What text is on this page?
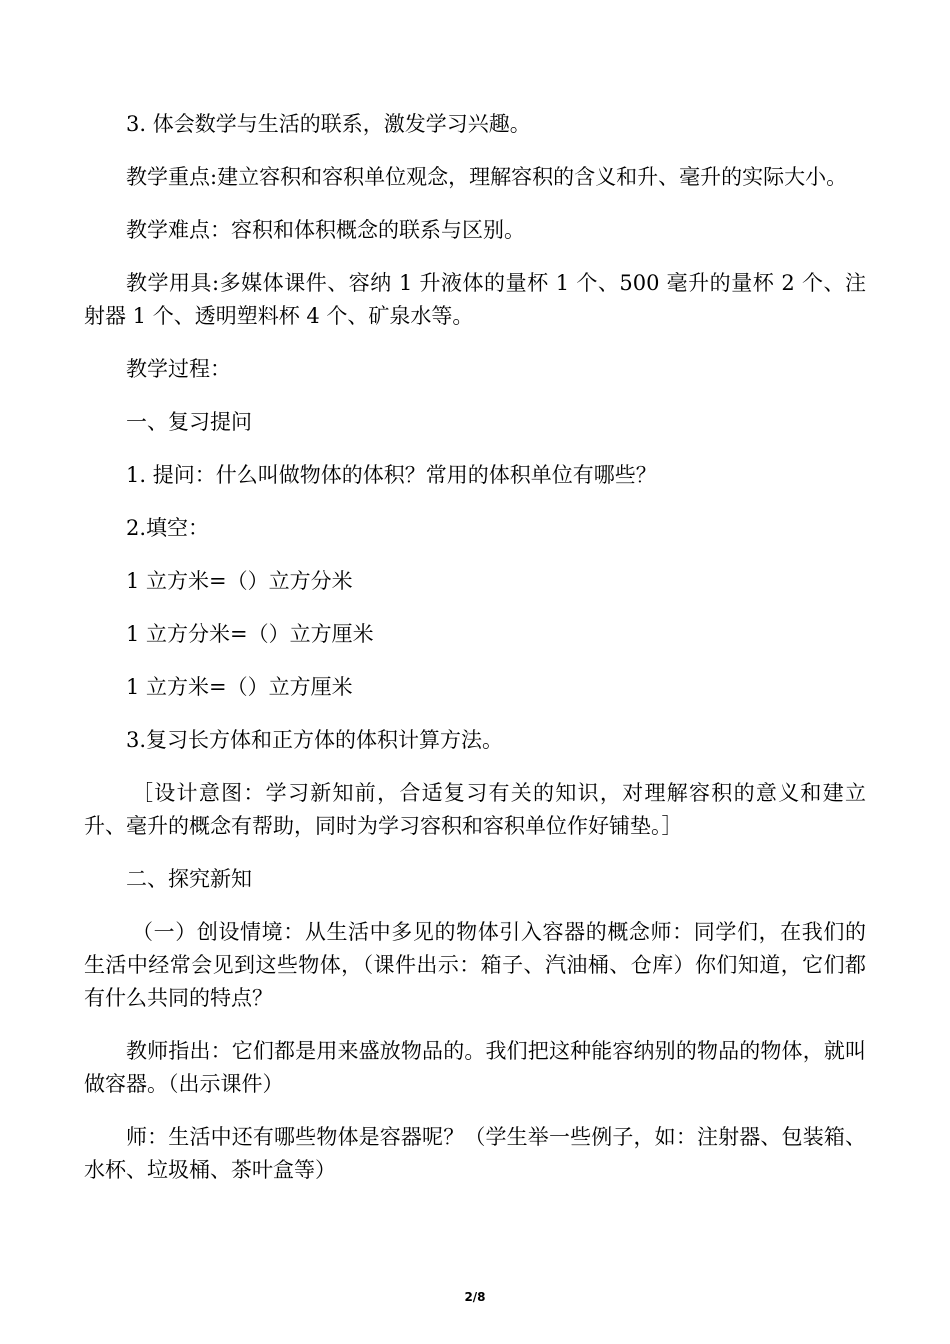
3. 体会数学与生活的联系，激发学习兴趣。

教学重点:建立容积和容积单位观念，理解容积的含义和升、毫升的实际大小。

教学难点：容积和体积概念的联系与区别。

教学用具:多媒体课件、容纳 1 升液体的量杯 1 个、500 毫升的量杯 2 个、注射器 1 个、透明塑料杯 4 个、矿泉水等。

教学过程：

一、复习提问

1. 提问：什么叫做物体的体积？常用的体积单位有哪些？

2.填空：

1 立方米=（）立方分米

1 立方分米=（）立方厘米

1 立方米=（）立方厘米

3.复习长方体和正方体的体积计算方法。

［设计意图：学习新知前，合适复习有关的知识，对理解容积的意义和建立升、毫升的概念有帮助，同时为学习容积和容积单位作好铺垫。］

二、探究新知

（一）创设情境：从生活中多见的物体引入容器的概念师：同学们，在我们的生活中经常会见到这些物体，（课件出示：箱子、汽油桶、仓库）你们知道，它们都有什么共同的特点？

教师指出：它们都是用来盛放物品的。我们把这种能容纳别的物品的物体，就叫做容器。（出示课件）

师：生活中还有哪些物体是容器呢？（学生举一些例子，如：注射器、包装箱、水杯、垃圾桶、茶叶盒等）

2/8
